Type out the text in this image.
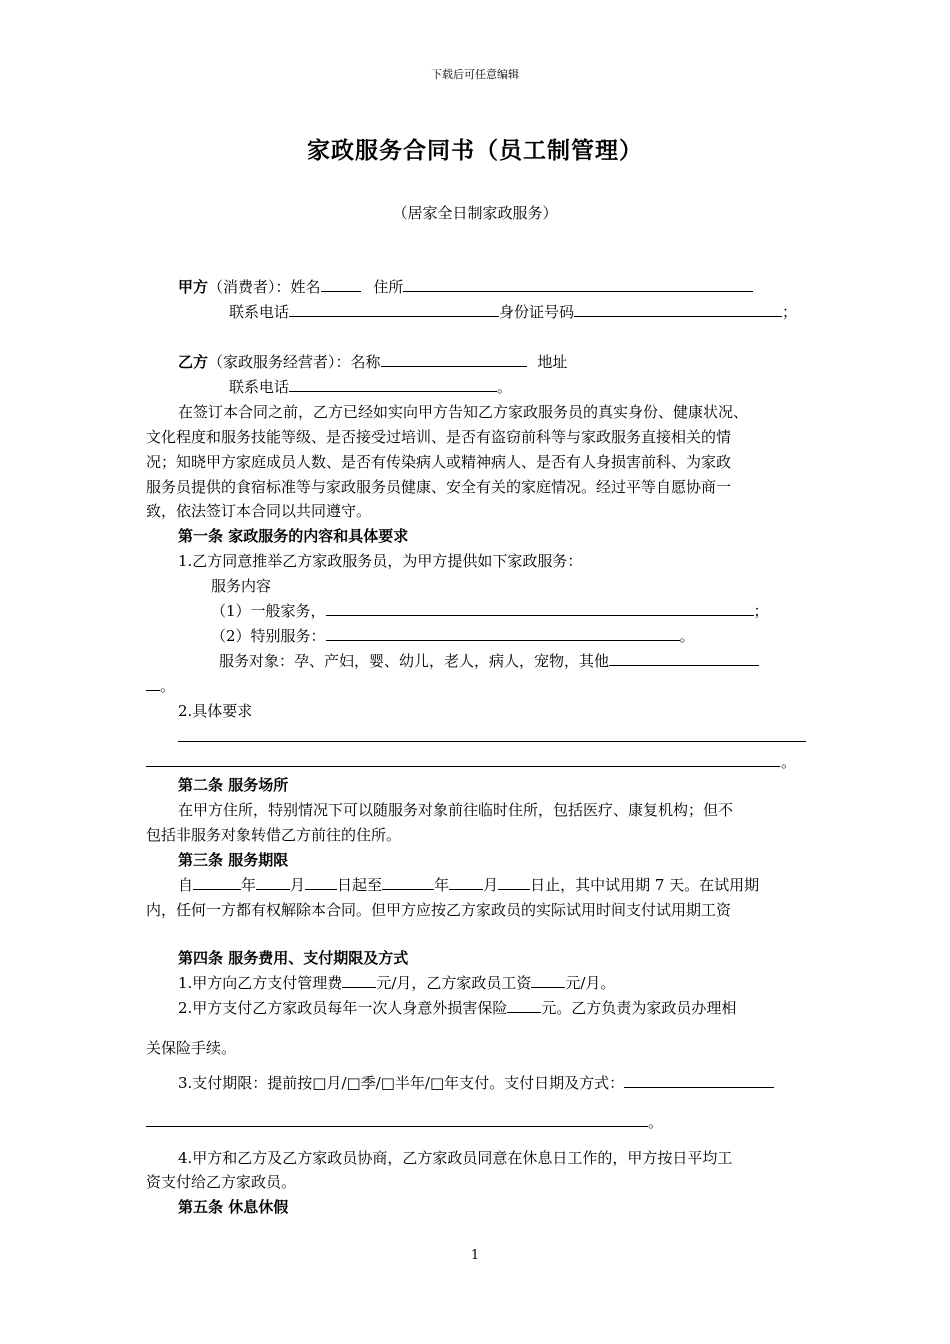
下载后可任意编辑
家政服务合同书（员工制管理）
（居家全日制家政服务）
甲方（消费者）：姓名	住所
联系电话	身份证号码	；
乙方（家政服务经营者）：名称	地址
联系电话	。
在签订本合同之前，乙方已经如实向甲方告知乙方家政服务员的真实身份、健康状况、
文化程度和服务技能等级、是否接受过培训、是否有盗窃前科等与家政服务直接相关的情
况；知晓甲方家庭成员人数、是否有传染病人或精神病人、是否有人身损害前科、为家政
服务员提供的食宿标准等与家政服务员健康、安全有关的家庭情况。经过平等自愿协商一
致，依法签订本合同以共同遵守。
第一条 家政服务的内容和具体要求
1.乙方同意推举乙方家政服务员，为甲方提供如下家政服务：
服务内容
（1）一般家务，	；
（2）特别服务：	。
服务对象：孕、产妇，婴、幼儿，老人，病人，宠物，其他
。
2.具体要求
。
第二条 服务场所
在甲方住所，特别情况下可以随服务对象前往临时住所，包括医疗、康复机构；但不
包括非服务对象转借乙方前往的住所。
第三条 服务期限
自	年 月 日起至	年 月 日止，其中试用期 7 天。在试用期
内，任何一方都有权解除本合同。但甲方应按乙方家政员的实际试用时间支付试用期工资
第四条 服务费用、支付期限及方式
1.甲方向乙方支付管理费 元/月，乙方家政员工资 元/月。
2.甲方支付乙方家政员每年一次人身意外损害保险 元。乙方负责为家政员办理相
关保险手续。
3.支付期限：提前按□月/□季/□半年/□年支付。支付日期及方式：
。
4.甲方和乙方及乙方家政员协商，乙方家政员同意在休息日工作的，甲方按日平均工
资支付给乙方家政员。
第五条 休息休假
1
